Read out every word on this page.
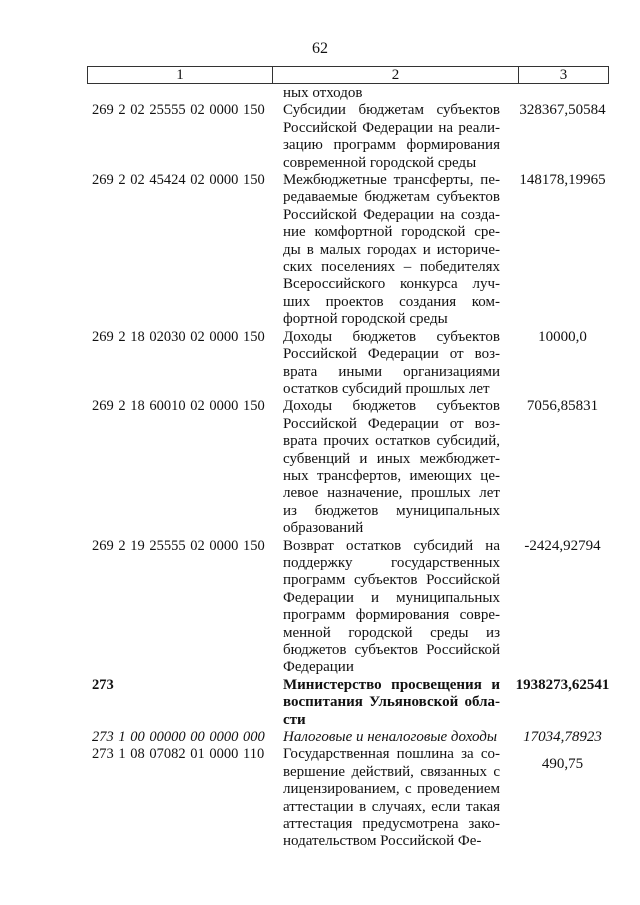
62
1	2	3
ных отходов
269 2 02 25555 02 0000 150	Субсидии бюджетам субъектов
Российской Федерации на реали-
зацию программ формирования
современной городской среды
328367,50584
269 2 02 45424 02 0000 150	Межбюджетные трансферты, пе-
редаваемые бюджетам субъектов
Российской Федерации на созда-
ние комфортной городской сре-
ды в малых городах и историче-
ских поселениях – победителях
Всероссийского конкурса луч-
ших проектов создания ком-
фортной городской среды
148178,19965
269 2 18 02030 02 0000 150	Доходы бюджетов субъектов
Российской Федерации от воз-
врата иными организациями
остатков субсидий прошлых лет
10000,0
269 2 18 60010 02 0000 150	Доходы бюджетов субъектов
Российской Федерации от воз-
врата прочих остатков субсидий,
субвенций и иных межбюджет-
ных трансфертов, имеющих це-
левое назначение, прошлых лет
из бюджетов муниципальных
образований
7056,85831
269 2 19 25555 02 0000 150	Возврат остатков субсидий на
поддержку государственных
программ субъектов Российской
Федерации и муниципальных
программ формирования совре-
менной городской среды из
бюджетов субъектов Российской
Федерации
-2424,92794
273	Министерство просвещения и
воспитания Ульяновской обла-
сти
1938273,62541
273 1 00 00000 00 0000 000	Налоговые и неналоговые доходы	17034,78923
273 1 08 07082 01 0000 110	Государственная пошлина за со-
вершение действий, связанных с
лицензированием, с проведением
аттестации в случаях, если такая
аттестация предусмотрена зако-
нодательством Российской Фе-
490,75
